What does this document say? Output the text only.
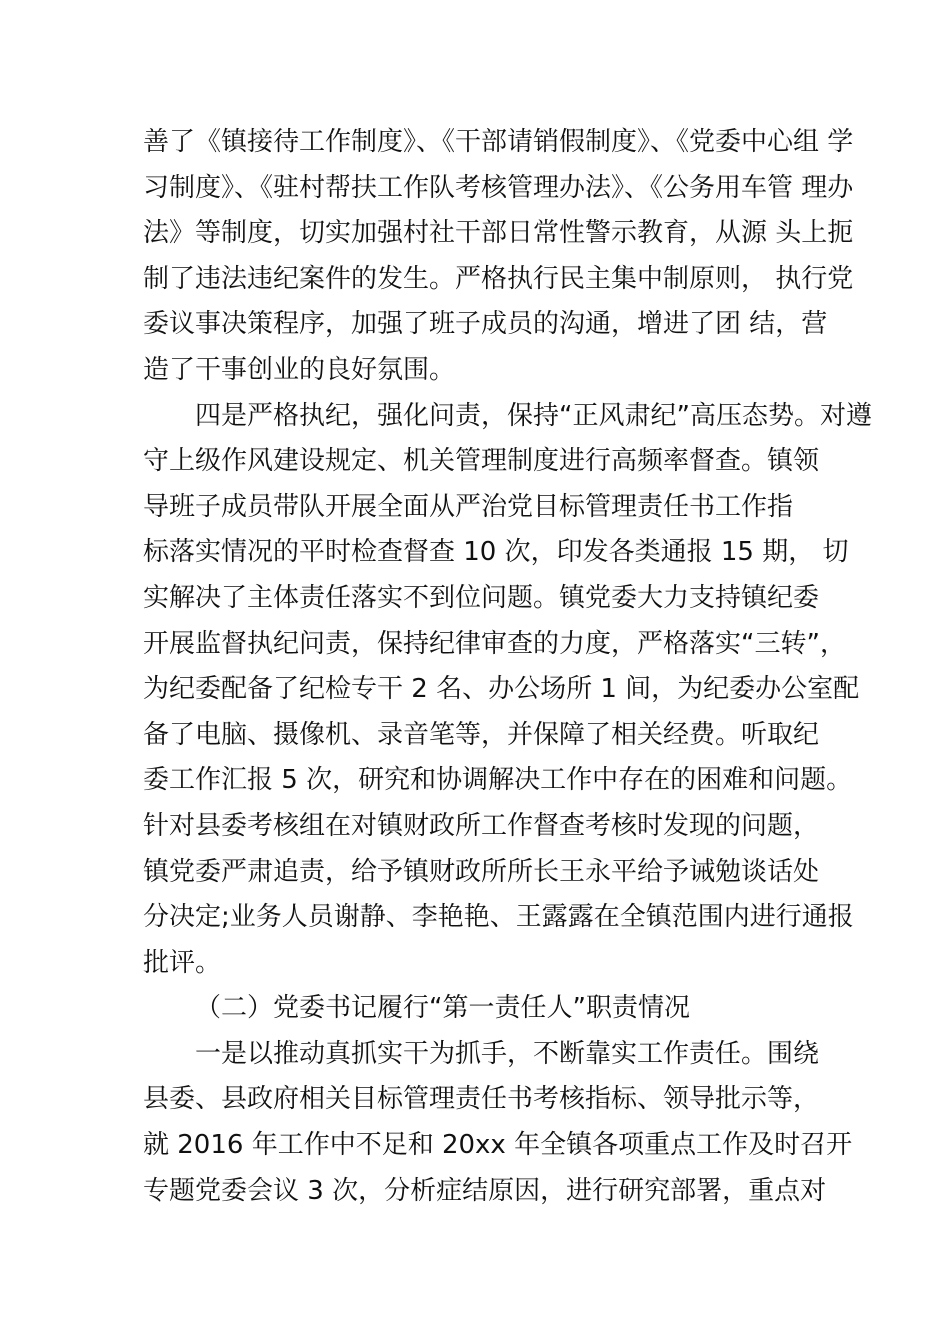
善了《镇接待工作制度》、《干部请销假制度》、《党委中心组 学
习制度》、《驻村帮扶工作队考核管理办法》、《公务用车管 理办
法》等制度，切实加强村社干部日常性警示教育，从源 头上扼
制了违法违纪案件的发生。严格执行民主集中制原则， 执行党
委议事决策程序，加强了班子成员的沟通，增进了团 结，营
造了干事创业的良好氛围。
四是严格执纪，强化问责，保持“正风肃纪”高压态势。对遵
守上级作风建设规定、机关管理制度进行高频率督查。镇领
导班子成员带队开展全面从严治党目标管理责任书工作指
标落实情况的平时检查督查 10 次，印发各类通报 15 期， 切
实解决了主体责任落实不到位问题。镇党委大力支持镇纪委
开展监督执纪问责，保持纪律审查的力度，严格落实“三转”，
为纪委配备了纪检专干 2 名、办公场所 1 间，为纪委办公室配
备了电脑、摄像机、录音笔等，并保障了相关经费。听取纪
委工作汇报 5 次，研究和协调解决工作中存在的困难和问题。
针对县委考核组在对镇财政所工作督查考核时发现的问题，
镇党委严肃追责，给予镇财政所所长王永平给予诫勉谈话处
分决定;业务人员谢静、李艳艳、王露露在全镇范围内进行通报
批评。
（二）党委书记履行“第一责任人”职责情况
一是以推动真抓实干为抓手，不断靠实工作责任。围绕
县委、县政府相关目标管理责任书考核指标、领导批示等，
就 2016 年工作中不足和 20xx 年全镇各项重点工作及时召开
专题党委会议 3 次，分析症结原因，进行研究部署，重点对
